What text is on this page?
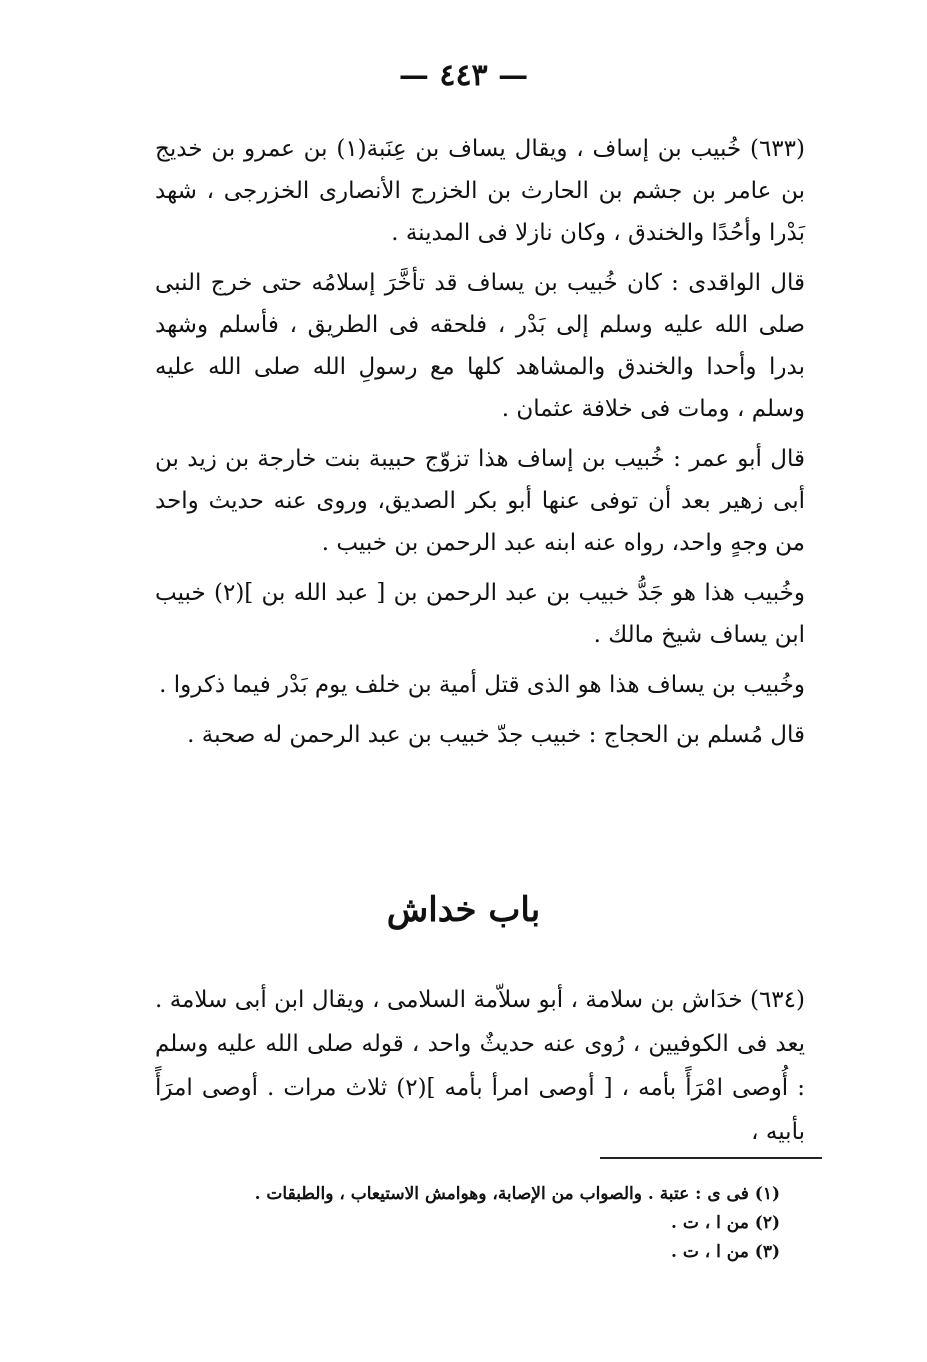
— ٤٤٣ —

(٦٣٣) خُبيب بن إساف ، ويقال يساف بن عِنَبة(١) بن عمرو بن خديج بن عامر بن جشم بن الحارث بن الخزرج الأنصارى الخزرجى ، شهد بَدْرا وأحُدًا والخندق ، وكان نازلا فى المدينة .

قال الواقدى : كان خُبيب بن يساف قد تأخَّرَ إسلامُه حتى خرج النبى صلى الله عليه وسلم إلى بَدْر ، فلحقه فى الطريق ، فأسلم وشهد بدرا وأحدا والخندق والمشاهد كلها مع رسولِ الله صلى الله عليه وسلم ، ومات فى خلافة عثمان .

قال أبو عمر : خُبيب بن إساف هذا تزوّج حبيبة بنت خارجة بن زيد بن أبى زهير بعد أن توفى عنها أبو بكر الصديق، وروى عنه حديث واحد من وجهٍ واحد، رواه عنه ابنه عبد الرحمن بن خبيب .

وخُبيب هذا هو جَدُّ خبيب بن عبد الرحمن بن [ عبد الله بن ](٢) خبيب ابن يساف شيخ مالك .

وخُبيب بن يساف هذا هو الذى قتل أمية بن خلف يوم بَدْر فيما ذكروا .

قال مُسلم بن الحجاج : خبيب جدّ خبيب بن عبد الرحمن له صحبة .

باب خداش

(٦٣٤) خدَاش بن سلامة ، أبو سلاّمة السلامى ، ويقال ابن أبى سلامة . يعد فى الكوفيين ، رُوى عنه حديثٌ واحد ، قوله صلى الله عليه وسلم : أُوصى امْرَأً بأمه ، [ أوصى امرأ بأمه ](٢) ثلاث مرات . أوصى امرَأً بأبيه ،

(١) فى ى : عتبة . والصواب من الإصابة، وهوامش الاستيعاب ، والطبقات .
(٢) من ا ، ت .
(٣) من ا ، ت .
